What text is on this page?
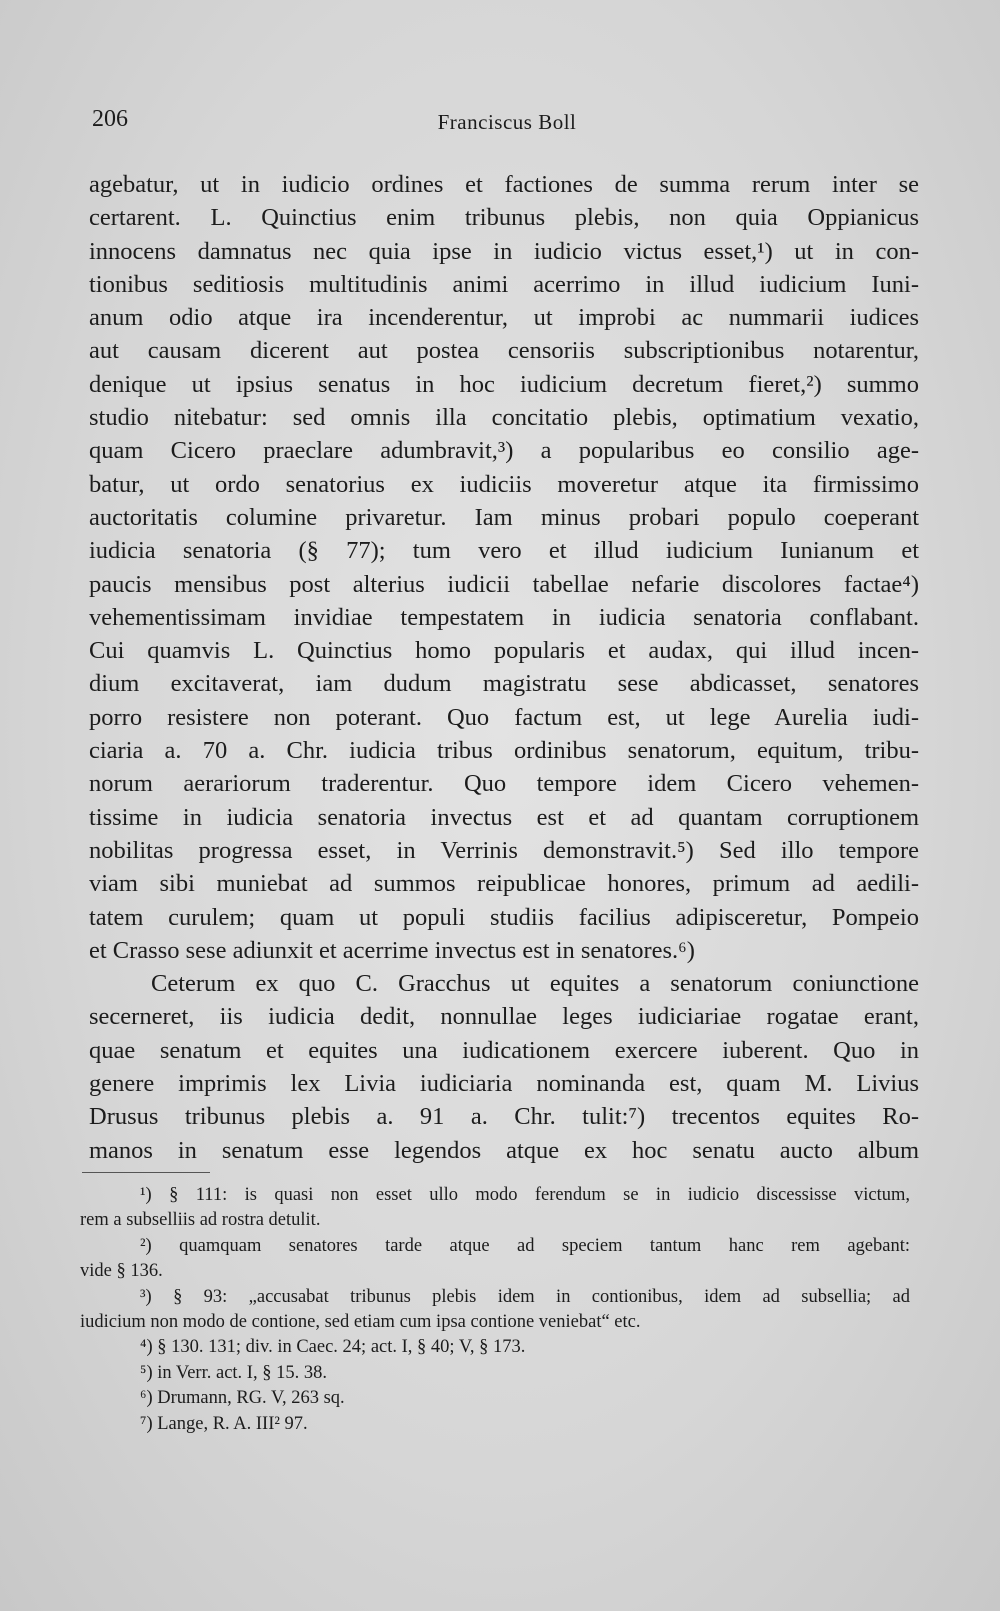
206	Franciscus Boll
agebatur, ut in iudicio ordines et factiones de summa rerum inter se
certarent. L. Quinctius enim tribunus plebis, non quia Oppianicus
innocens damnatus nec quia ipse in iudicio victus esset,¹) ut in con-
tionibus seditiosis multitudinis animi acerrimo in illud iudicium Iuni-
anum odio atque ira incenderentur, ut improbi ac nummarii iudices
aut causam dicerent aut postea censoriis subscriptionibus notarentur,
denique ut ipsius senatus in hoc iudicium decretum fieret,²) summo
studio nitebatur: sed omnis illa concitatio plebis, optimatium vexatio,
quam Cicero praeclare adumbravit,³) a popularibus eo consilio age-
batur, ut ordo senatorius ex iudiciis moveretur atque ita firmissimo
auctoritatis columine privaretur. Iam minus probari populo coeperant
iudicia senatoria (§ 77); tum vero et illud iudicium Iunianum et
paucis mensibus post alterius iudicii tabellae nefarie discolores factae⁴)
vehementissimam invidiae tempestatem in iudicia senatoria conflabant.
Cui quamvis L. Quinctius homo popularis et audax, qui illud incen-
dium excitaverat, iam dudum magistratu sese abdicasset, senatores
porro resistere non poterant. Quo factum est, ut lege Aurelia iudi-
ciaria a. 70 a. Chr. iudicia tribus ordinibus senatorum, equitum, tribu-
norum aerariorum traderentur. Quo tempore idem Cicero vehemen-
tissime in iudicia senatoria invectus est et ad quantam corruptionem
nobilitas progressa esset, in Verrinis demonstravit.⁵) Sed illo tempore
viam sibi muniebat ad summos reipublicae honores, primum ad aedili-
tatem curulem; quam ut populi studiis facilius adipisceretur, Pompeio
et Crasso sese adiunxit et acerrime invectus est in senatores.⁶)
Ceterum ex quo C. Gracchus ut equites a senatorum coniunctione
secerneret, iis iudicia dedit, nonnullae leges iudiciariae rogatae erant,
quae senatum et equites una iudicationem exercere iuberent. Quo in
genere imprimis lex Livia iudiciaria nominanda est, quam M. Livius
Drusus tribunus plebis a. 91 a. Chr. tulit:⁷) trecentos equites Ro-
manos in senatum esse legendos atque ex hoc senatu aucto album
¹) § 111: is quasi non esset ullo modo ferendum se in iudicio discessisse victum,
rem a subselliis ad rostra detulit.
²) quamquam senatores tarde atque ad speciem tantum hanc rem agebant:
vide § 136.
³) § 93: „accusabat tribunus plebis idem in contionibus, idem ad subsellia; ad
iudicium non modo de contione, sed etiam cum ipsa contione veniebat“ etc.
⁴) § 130. 131; div. in Caec. 24; act. I, § 40; V, § 173.
⁵) in Verr. act. I, § 15. 38.
⁶) Drumann, RG. V, 263 sq.
⁷) Lange, R. A. III² 97.
